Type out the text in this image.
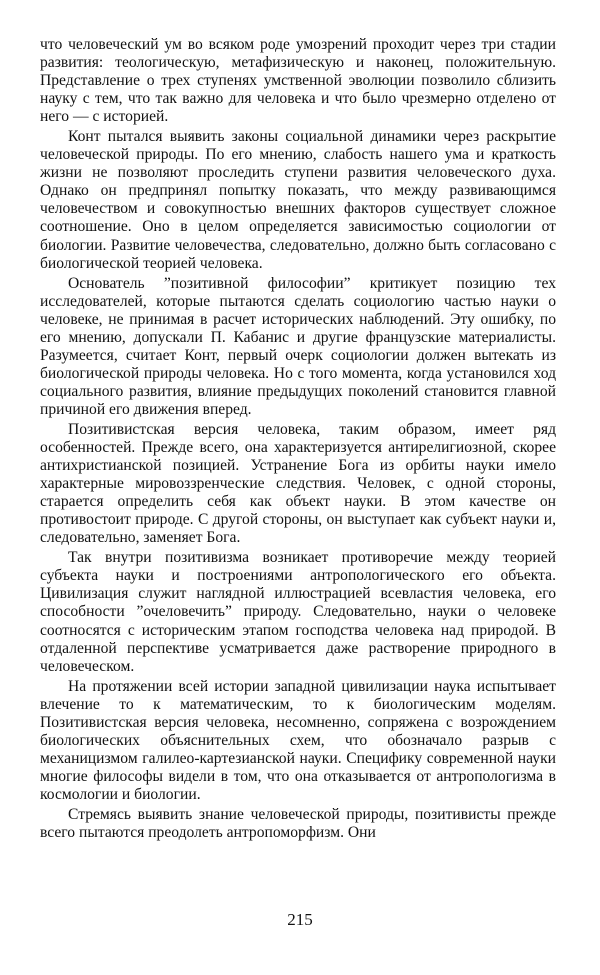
что человеческий ум во всяком роде умозрений проходит через три стадии развития: теологическую, метафизическую и наконец, положительную. Представление о трех ступенях умственной эволюции позволило сблизить науку с тем, что так важно для человека и что было чрезмерно отделено от него — с историей.

Конт пытался выявить законы социальной динамики через раскрытие человеческой природы. По его мнению, слабость нашего ума и краткость жизни не позволяют проследить ступени развития человеческого духа. Однако он предпринял попытку показать, что между развивающимся человечеством и совокупностью внешних факторов существует сложное соотношение. Оно в целом определяется зависимостью социологии от биологии. Развитие человечества, следовательно, должно быть согласовано с биологической теорией человека.

Основатель ”позитивной философии” критикует позицию тех исследователей, которые пытаются сделать социологию частью науки о человеке, не принимая в расчет исторических наблюдений. Эту ошибку, по его мнению, допускали П. Кабанис и другие французские материалисты. Разумеется, считает Конт, первый очерк социологии должен вытекать из биологической природы человека. Но с того момента, когда установился ход социального развития, влияние предыдущих поколений становится главной причиной его движения вперед.

Позитивистская версия человека, таким образом, имеет ряд особенностей. Прежде всего, она характеризуется антирелигиозной, скорее антихристианской позицией. Устранение Бога из орбиты науки имело характерные мировоззренческие следствия. Человек, с одной стороны, старается определить себя как объект науки. В этом качестве он противостоит природе. С другой стороны, он выступает как субъект науки и, следовательно, заменяет Бога.

Так внутри позитивизма возникает противоречие между теорией субъекта науки и построениями антропологического его объекта. Цивилизация служит наглядной иллюстрацией всевластия человека, его способности ”очеловечить” природу. Следовательно, науки о человеке соотносятся с историческим этапом господства человека над природой. В отдаленной перспективе усматривается даже растворение природного в человеческом.

На протяжении всей истории западной цивилизации наука испытывает влечение то к математическим, то к биологическим моделям. Позитивистская версия человека, несомненно, сопряжена с возрождением биологических объяснительных схем, что обозначало разрыв с механицизмом галилео-картезианской науки. Специфику современной науки многие философы видели в том, что она отказывается от антропологизма в космологии и биологии.

Стремясь выявить знание человеческой природы, позитивисты прежде всего пытаются преодолеть антропоморфизм. Они

215
